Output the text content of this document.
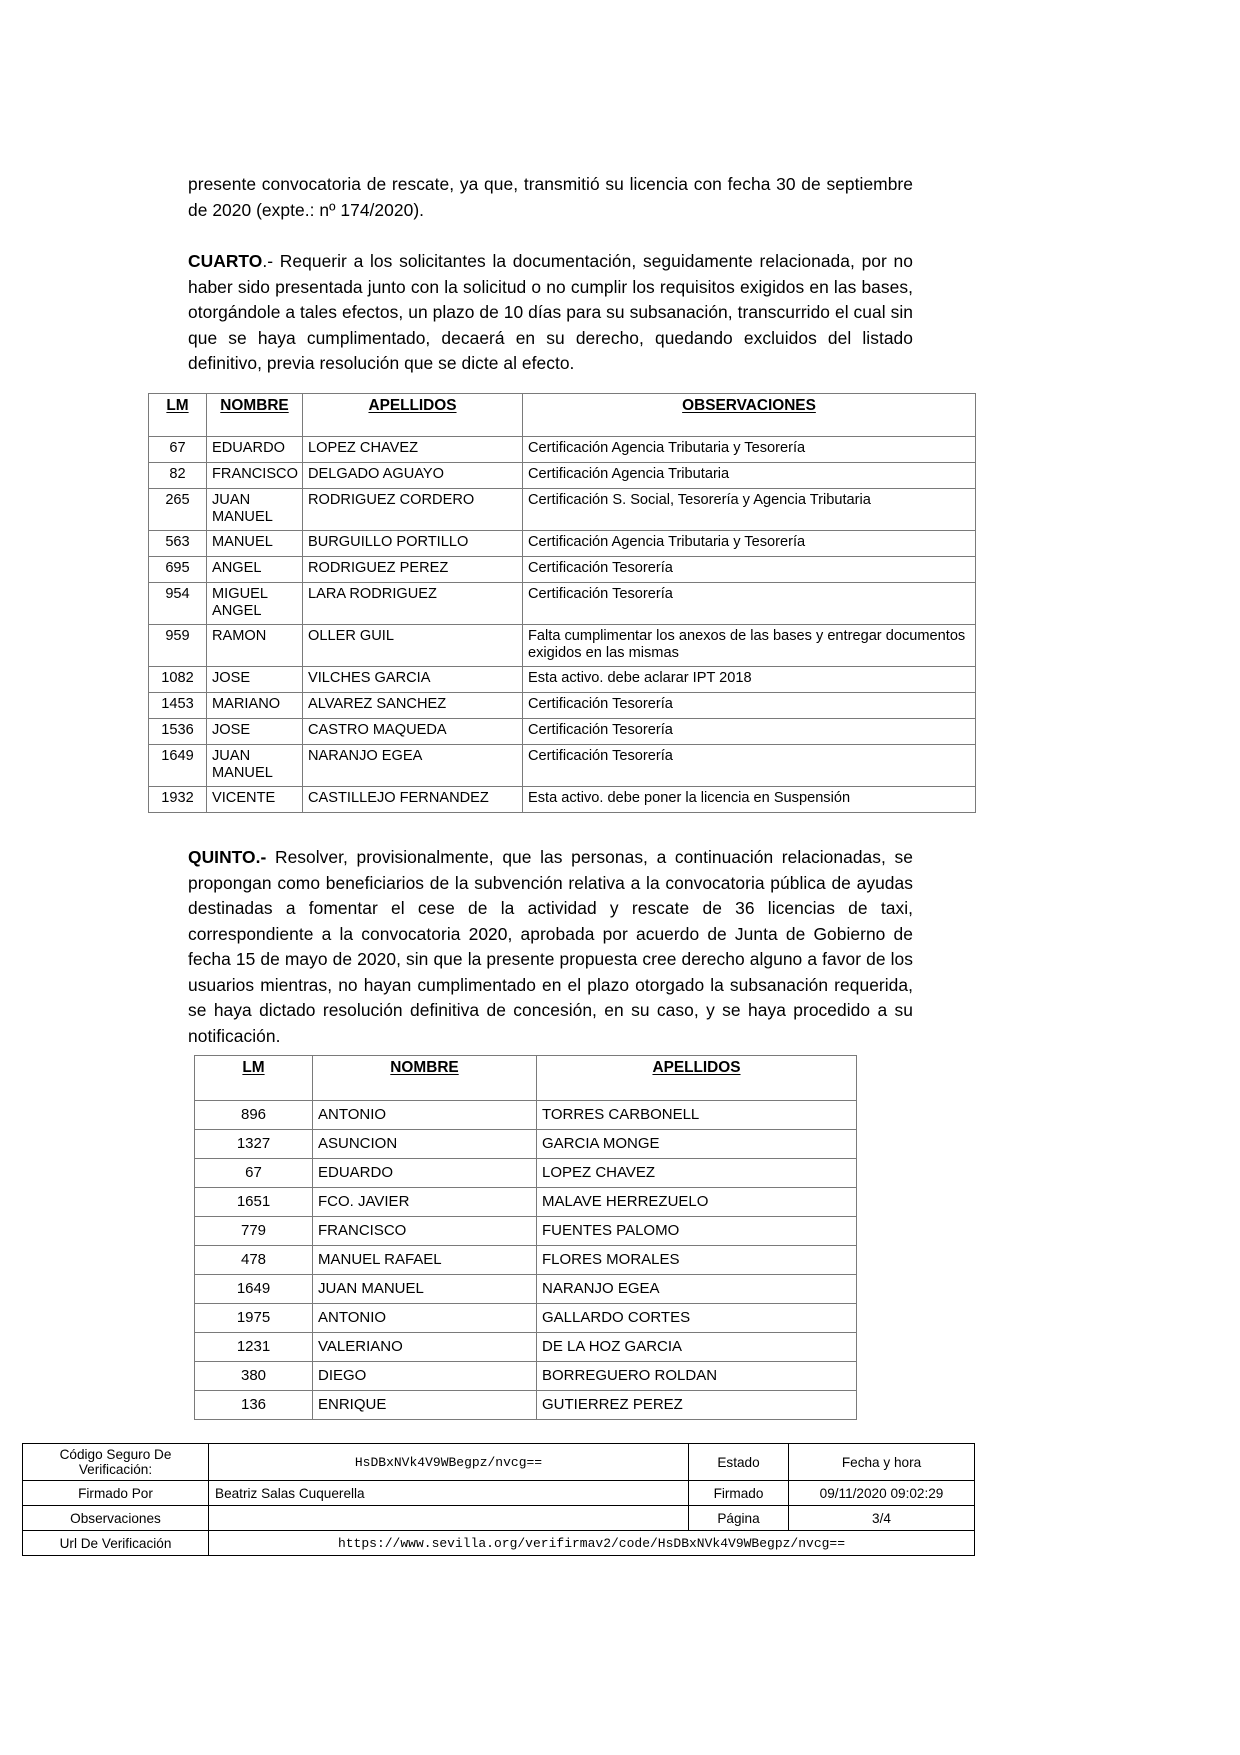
presente convocatoria de rescate, ya que, transmitió su licencia con fecha 30 de septiembre de 2020 (expte.: nº 174/2020).

CUARTO.- Requerir a los solicitantes la documentación, seguidamente relacionada, por no haber sido presentada junto con la solicitud o no cumplir los requisitos exigidos en las bases, otorgándole a tales efectos, un plazo de 10 días para su subsanación, transcurrido el cual sin que se haya cumplimentado, decaerá en su derecho, quedando excluidos del listado definitivo, previa resolución que se dicte al efecto.

LM	NOMBRE	APELLIDOS	OBSERVACIONES
67	EDUARDO	LOPEZ CHAVEZ	Certificación Agencia Tributaria y Tesorería
82	FRANCISCO	DELGADO AGUAYO	Certificación Agencia Tributaria
265	JUAN MANUEL	RODRIGUEZ CORDERO	Certificación S. Social, Tesorería y Agencia Tributaria
563	MANUEL	BURGUILLO PORTILLO	Certificación Agencia Tributaria y Tesorería
695	ANGEL	RODRIGUEZ PEREZ	Certificación Tesorería
954	MIGUEL ANGEL	LARA RODRIGUEZ	Certificación Tesorería
959	RAMON	OLLER GUIL	Falta cumplimentar los anexos de las bases y entregar documentos exigidos en las mismas
1082	JOSE	VILCHES GARCIA	Esta activo. debe aclarar IPT 2018
1453	MARIANO	ALVAREZ SANCHEZ	Certificación Tesorería
1536	JOSE	CASTRO MAQUEDA	Certificación Tesorería
1649	JUAN MANUEL	NARANJO EGEA	Certificación Tesorería
1932	VICENTE	CASTILLEJO FERNANDEZ	Esta activo. debe poner la licencia en Suspensión

QUINTO.- Resolver, provisionalmente, que las personas, a continuación relacionadas, se propongan como beneficiarios de la subvención relativa a la convocatoria pública de ayudas destinadas a fomentar el cese de la actividad y rescate de 36 licencias de taxi, correspondiente a la convocatoria 2020, aprobada por acuerdo de Junta de Gobierno de fecha 15 de mayo de 2020, sin que la presente propuesta cree derecho alguno a favor de los usuarios mientras, no hayan cumplimentado en el plazo otorgado la subsanación requerida, se haya dictado resolución definitiva de concesión, en su caso, y se haya procedido a su notificación.

LM	NOMBRE	APELLIDOS
896	ANTONIO	TORRES CARBONELL
1327	ASUNCION	GARCIA MONGE
67	EDUARDO	LOPEZ CHAVEZ
1651	FCO. JAVIER	MALAVE HERREZUELO
779	FRANCISCO	FUENTES PALOMO
478	MANUEL RAFAEL	FLORES MORALES
1649	JUAN MANUEL	NARANJO EGEA
1975	ANTONIO	GALLARDO CORTES
1231	VALERIANO	DE LA HOZ GARCIA
380	DIEGO	BORREGUERO ROLDAN
136	ENRIQUE	GUTIERREZ PEREZ
Código Seguro De Verificación:	HsDBxNVk4V9WBegpz/nvcg==	Estado	Fecha y hora
Firmado Por	Beatriz Salas Cuquerella	Firmado	09/11/2020 09:02:29
Observaciones		Página	3/4
Url De Verificación	https://www.sevilla.org/verifirmav2/code/HsDBxNVk4V9WBegpz/nvcg==		
